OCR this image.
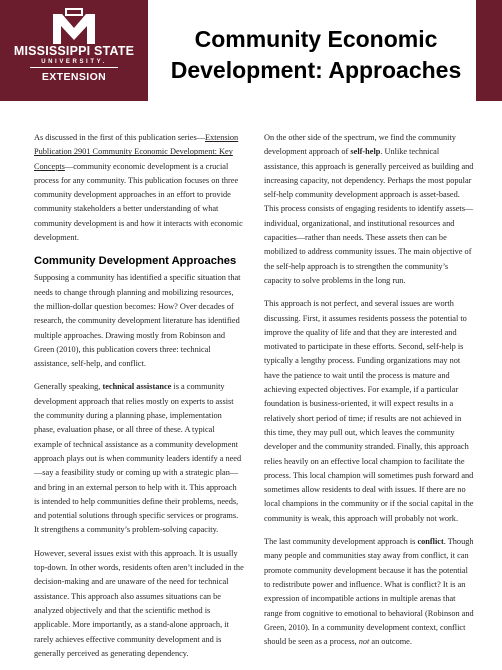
MISSISSIPPI STATE
UNIVERSITY.
EXTENSION
Community Economic Development: Approaches

As discussed in the first of this publication series—Extension Publication 2901 Community Economic Development: Key Concepts—community economic development is a crucial process for any community. This publication focuses on three community development approaches in an effort to provide community stakeholders a better understanding of what community development is and how it interacts with economic development.

Community Development Approaches

Supposing a community has identified a specific situation that needs to change through planning and mobilizing resources, the million-dollar question becomes: How? Over decades of research, the community development literature has identified multiple approaches. Drawing mostly from Robinson and Green (2010), this publication covers three: technical assistance, self-help, and conflict.

Generally speaking, technical assistance is a community development approach that relies mostly on experts to assist the community during a planning phase, implementation phase, evaluation phase, or all three of these. A typical example of technical assistance as a community development approach plays out is when community leaders identify a need—say a feasibility study or coming up with a strategic plan—and bring in an external person to help with it. This approach is intended to help communities define their problems, needs, and potential solutions through specific services or programs. It strengthens a community’s problem-solving capacity.

However, several issues exist with this approach. It is usually top-down. In other words, residents often aren’t included in the decision-making and are unaware of the need for technical assistance. This approach also assumes situations can be analyzed objectively and that the scientific method is applicable. More importantly, as a stand-alone approach, it rarely achieves effective community development and is generally perceived as generating dependency.

On the other side of the spectrum, we find the community development approach of self-help. Unlike technical assistance, this approach is generally perceived as building and increasing capacity, not dependency. Perhaps the most popular self-help community development approach is asset-based. This process consists of engaging residents to identify assets—individual, organizational, and institutional resources and capacities—rather than needs. These assets then can be mobilized to address community issues. The main objective of the self-help approach is to strengthen the community’s capacity to solve problems in the long run.

This approach is not perfect, and several issues are worth discussing. First, it assumes residents possess the potential to improve the quality of life and that they are interested and motivated to participate in these efforts. Second, self-help is typically a lengthy process. Funding organizations may not have the patience to wait until the process is mature and achieving expected objectives. For example, if a particular foundation is business-oriented, it will expect results in a relatively short period of time; if results are not achieved in this time, they may pull out, which leaves the community developer and the community stranded. Finally, this approach relies heavily on an effective local champion to facilitate the process. This local champion will sometimes push forward and sometimes allow residents to deal with issues. If there are no local champions in the community or if the social capital in the community is weak, this approach will probably not work.

The last community development approach is conflict. Though many people and communities stay away from conflict, it can promote community development because it has the potential to redistribute power and influence. What is conflict? It is an expression of incompatible actions in multiple arenas that range from cognitive to emotional to behavioral (Robinson and Green, 2010). In a community development context, conflict should be seen as a process, not an outcome.
